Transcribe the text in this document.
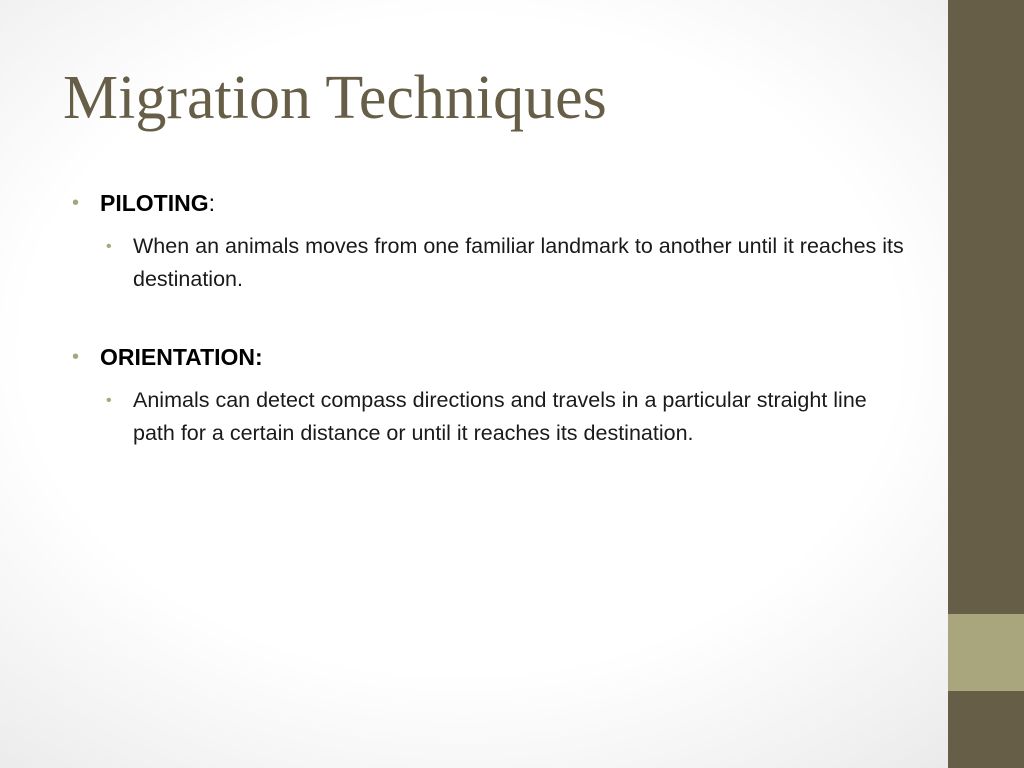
Migration Techniques
• PILOTING:
• When an animals moves from one familiar landmark to another until it reaches its destination.
• ORIENTATION:
• Animals can detect compass directions and travels in a particular straight line path for a certain distance or until it reaches its destination.
